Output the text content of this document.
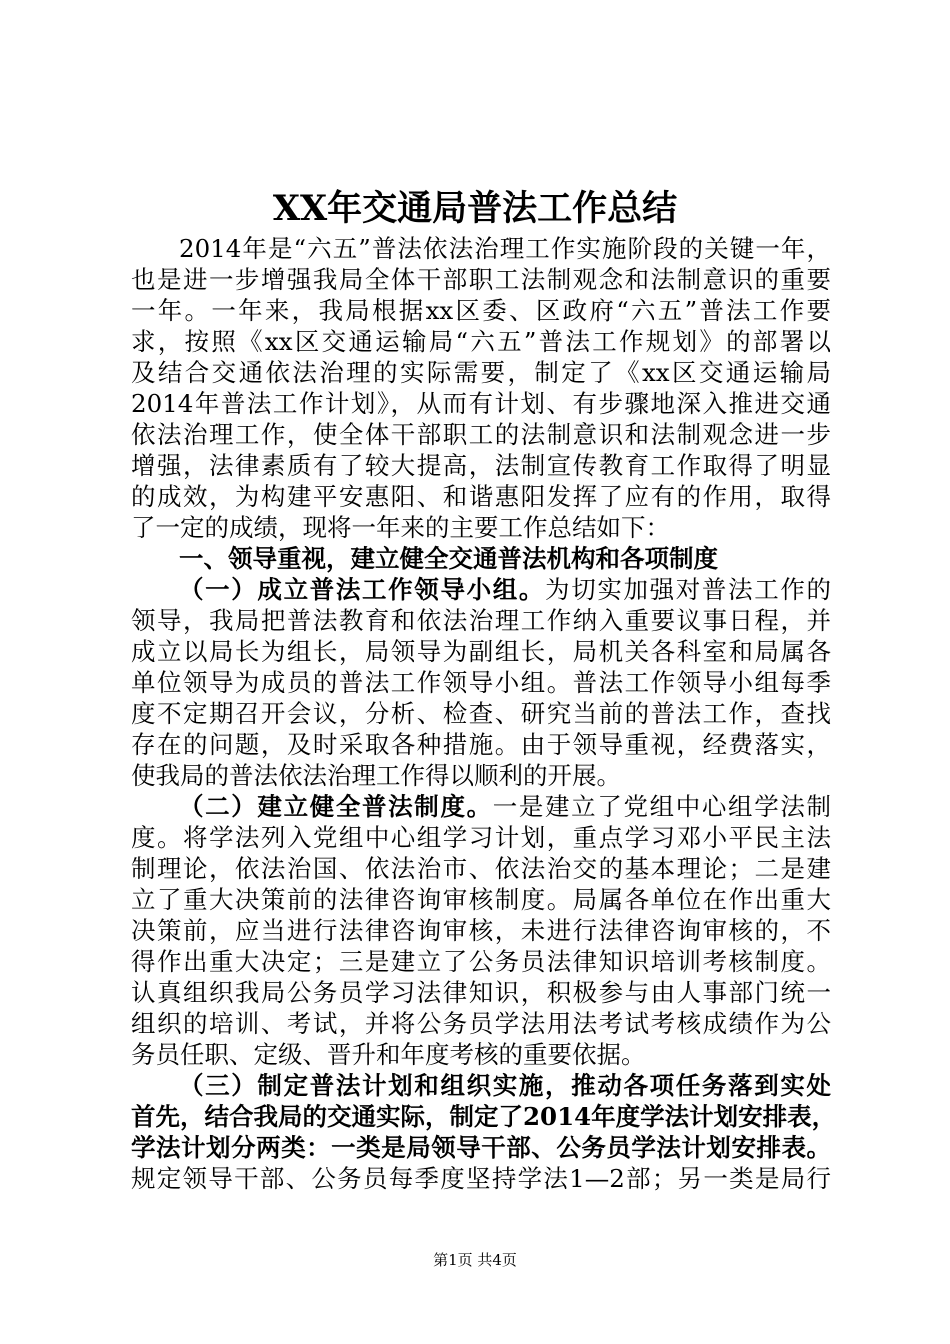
XX年交通局普法工作总结
2014年是“六五”普法依法治理工作实施阶段的关键一年，
也是进一步增强我局全体干部职工法制观念和法制意识的重要
一年。一年来，我局根据xx区委、区政府“六五”普法工作要
求，按照《xx区交通运输局“六五”普法工作规划》的部署以
及结合交通依法治理的实际需要，制定了《xx区交通运输局
2014年普法工作计划》，从而有计划、有步骤地深入推进交通
依法治理工作，使全体干部职工的法制意识和法制观念进一步
增强，法律素质有了较大提高，法制宣传教育工作取得了明显
的成效，为构建平安惠阳、和谐惠阳发挥了应有的作用，取得
了一定的成绩，现将一年来的主要工作总结如下：
一、领导重视，建立健全交通普法机构和各项制度
（一）成立普法工作领导小组。为切实加强对普法工作的
领导，我局把普法教育和依法治理工作纳入重要议事日程，并
成立以局长为组长，局领导为副组长，局机关各科室和局属各
单位领导为成员的普法工作领导小组。普法工作领导小组每季
度不定期召开会议，分析、检查、研究当前的普法工作，查找
存在的问题，及时采取各种措施。由于领导重视，经费落实，
使我局的普法依法治理工作得以顺利的开展。
（二）建立健全普法制度。一是建立了党组中心组学法制
度。将学法列入党组中心组学习计划，重点学习邓小平民主法
制理论，依法治国、依法治市、依法治交的基本理论；二是建
立了重大决策前的法律咨询审核制度。局属各单位在作出重大
决策前，应当进行法律咨询审核，未进行法律咨询审核的，不
得作出重大决定；三是建立了公务员法律知识培训考核制度。
认真组织我局公务员学习法律知识，积极参与由人事部门统一
组织的培训、考试，并将公务员学法用法考试考核成绩作为公
务员任职、定级、晋升和年度考核的重要依据。
（三）制定普法计划和组织实施，推动各项任务落到实处
首先，结合我局的交通实际，制定了2014年度学法计划安排表，
学法计划分两类：一类是局领导干部、公务员学法计划安排表。
规定领导干部、公务员每季度坚持学法1—2部；另一类是局行
第1页 共4页
